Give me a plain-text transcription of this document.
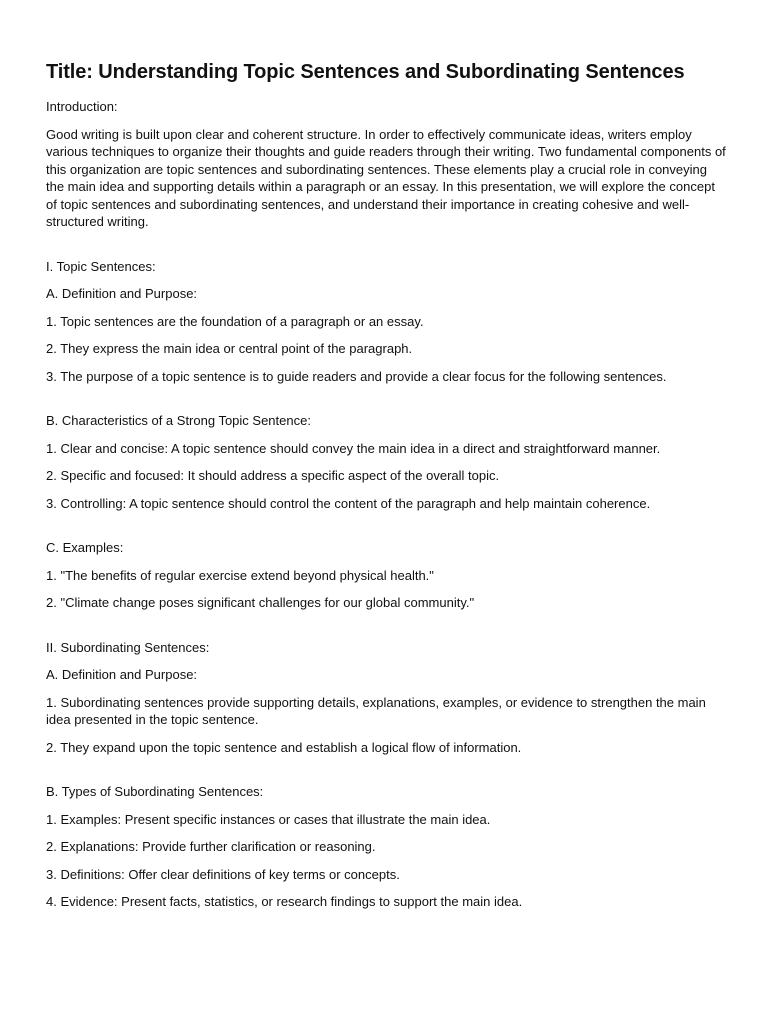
Title: Understanding Topic Sentences and Subordinating Sentences

Introduction:

Good writing is built upon clear and coherent structure. In order to effectively communicate ideas, writers employ various techniques to organize their thoughts and guide readers through their writing. Two fundamental components of this organization are topic sentences and subordinating sentences. These elements play a crucial role in conveying the main idea and supporting details within a paragraph or an essay. In this presentation, we will explore the concept of topic sentences and subordinating sentences, and understand their importance in creating cohesive and well-structured writing.

I. Topic Sentences:

A. Definition and Purpose:

1. Topic sentences are the foundation of a paragraph or an essay.

2. They express the main idea or central point of the paragraph.

3. The purpose of a topic sentence is to guide readers and provide a clear focus for the following sentences.

B. Characteristics of a Strong Topic Sentence:

1. Clear and concise: A topic sentence should convey the main idea in a direct and straightforward manner.

2. Specific and focused: It should address a specific aspect of the overall topic.

3. Controlling: A topic sentence should control the content of the paragraph and help maintain coherence.

C. Examples:

1. "The benefits of regular exercise extend beyond physical health."

2. "Climate change poses significant challenges for our global community."

II. Subordinating Sentences:

A. Definition and Purpose:

1. Subordinating sentences provide supporting details, explanations, examples, or evidence to strengthen the main idea presented in the topic sentence.

2. They expand upon the topic sentence and establish a logical flow of information.

B. Types of Subordinating Sentences:

1. Examples: Present specific instances or cases that illustrate the main idea.

2. Explanations: Provide further clarification or reasoning.

3. Definitions: Offer clear definitions of key terms or concepts.

4. Evidence: Present facts, statistics, or research findings to support the main idea.
